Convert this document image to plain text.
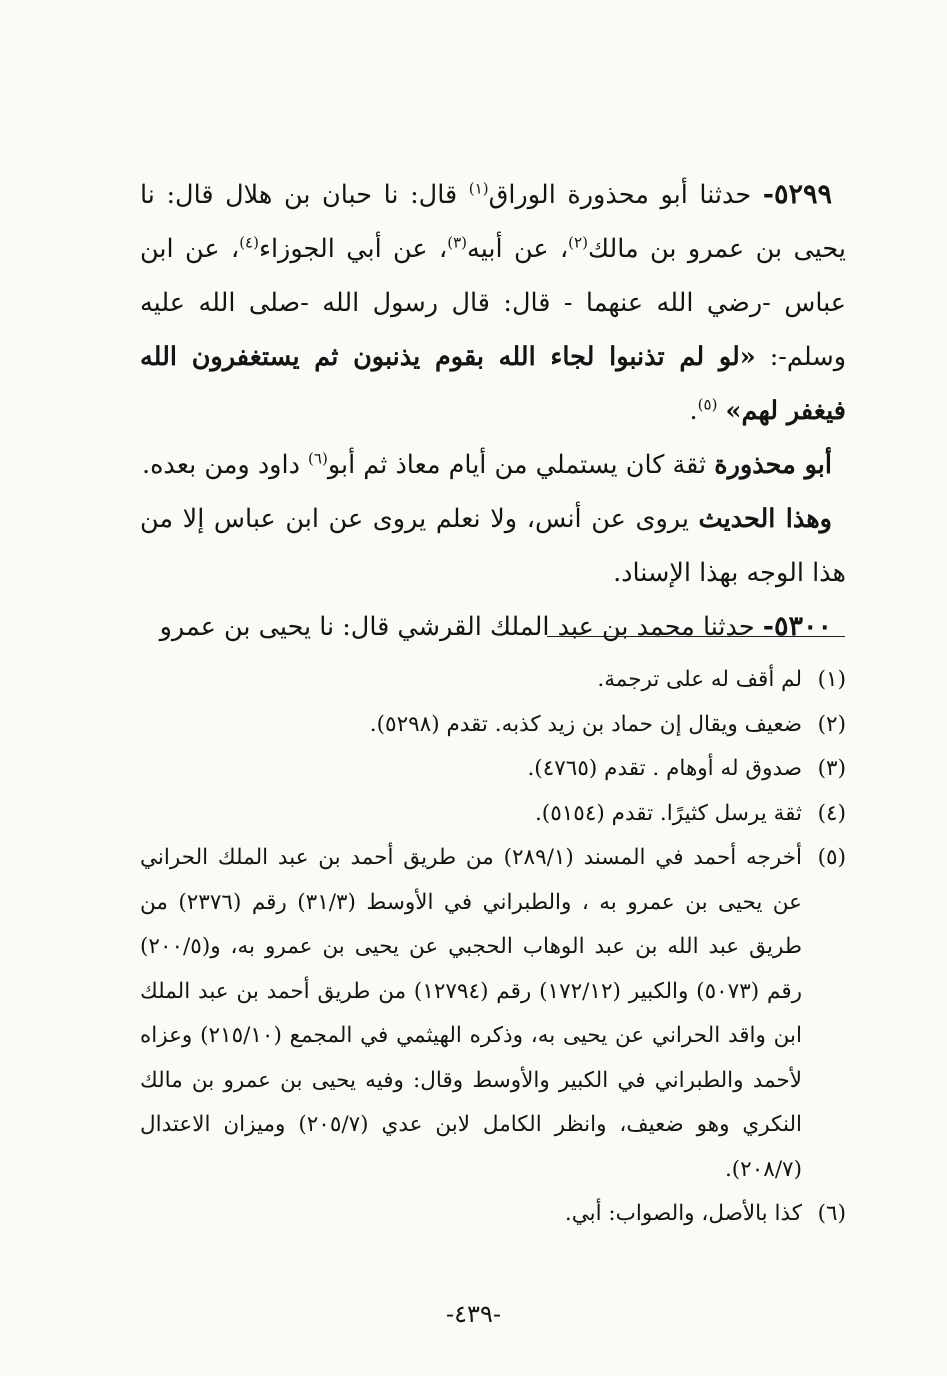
٥٢٩٩- حدثنا أبو محذورة الوراق$^{(١)}$ قال: نا حبان بن هلال قال: نا يحيى بن عمرو بن مالك$^{(٢)}$، عن أبيه$^{(٣)}$، عن أبي الجوزاء$^{(٤)}$، عن ابن عباس -رضي الله عنهما - قال: قال رسول الله -صلى الله عليه وسلم-: «لو لم تذنبوا لجاء الله بقوم يذنبون ثم يستغفرون الله فيغفر لهم» $^{(٥)}$.

أبو محذورة ثقة كان يستملي من أيام معاذ ثم أبو$^{(٦)}$ داود ومن بعده.

وهذا الحديث يروى عن أنس، ولا نعلم يروى عن ابن عباس إلا من هذا الوجه بهذا الإسناد.

٥٣٠٠- حدثنا محمد بن عبد الملك القرشي قال: نا يحيى بن عمرو

(١)
لم أقف له على ترجمة.

(٢)
ضعيف ويقال إن حماد بن زيد كذبه. تقدم (٥٢٩٨).

(٣)
صدوق له أوهام . تقدم (٤٧٦٥).

(٤)
ثقة يرسل كثيرًا. تقدم (٥١٥٤).

(٥)
أخرجه أحمد في المسند (٢٨٩/١) من طريق أحمد بن عبد الملك الحراني عن يحيى بن عمرو به ، والطبراني في الأوسط (٣١/٣) رقم (٢٣٧٦) من طريق عبد الله بن عبد الوهاب الحجبي عن يحيى بن عمرو به، و(٢٠٠/٥) رقم (٥٠٧٣) والكبير (١٧٢/١٢) رقم (١٢٧٩٤) من طريق أحمد بن عبد الملك ابن واقد الحراني عن يحيى به، وذكره الهيثمي في المجمع (٢١٥/١٠) وعزاه لأحمد والطبراني في الكبير والأوسط وقال: وفيه يحيى بن عمرو بن مالك النكري وهو ضعيف، وانظر الكامل لابن عدي (٢٠٥/٧) وميزان الاعتدال (٢٠٨/٧).

(٦)
كذا بالأصل، والصواب: أبي.

-٤٣٩-
